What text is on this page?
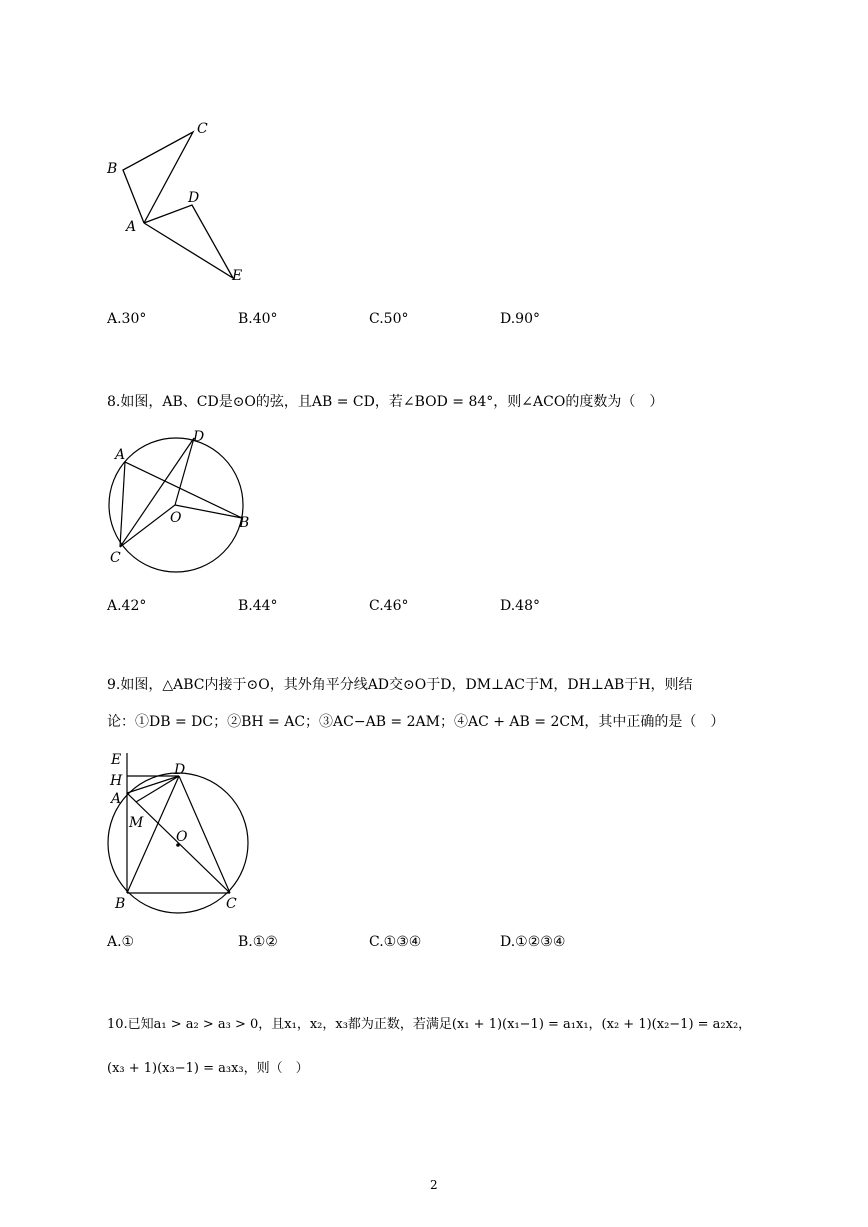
C
B
D
A
E
A.30°	B.40°	C.50°	D.90°
8.如图，AB、CD是⊙O的弦，且AB = CD，若∠BOD = 84°，则∠ACO的度数为（　）
D
A
O	B
C
A.42°	B.44°	C.46°	D.48°
9.如图，△ABC内接于⊙O，其外角平分线AD交⊙O于D，DM⊥AC于M，DH⊥AB于H，则结
论：①DB = DC；②BH = AC；③AC−AB = 2AM；④AC + AB = 2CM，其中正确的是（　）
E
H
D
A
M
O
B	C
A.①	B.①②	C.①③④	D.①②③④
10.已知a₁ > a₂ > a₃ > 0，且x₁，x₂，x₃都为正数，若满足(x₁ + 1)(x₁−1) = a₁x₁，(x₂ + 1)(x₂−1) = a₂x₂，
(x₃ + 1)(x₃−1) = a₃x₃，则（　）
2
